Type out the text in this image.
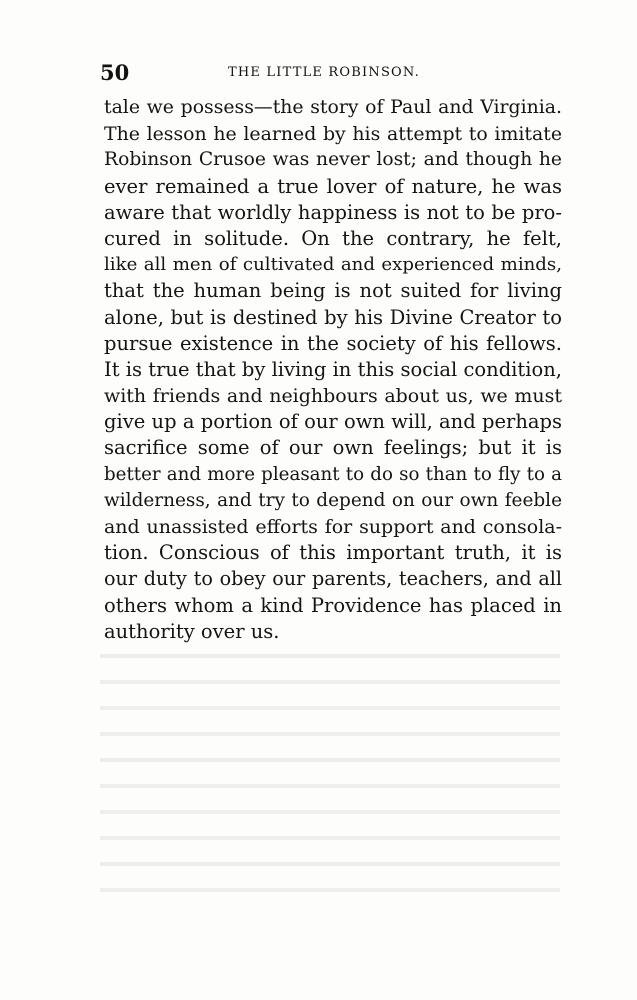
50	THE LITTLE ROBINSON.
tale we possess—the story of Paul and Virginia.
The lesson he learned by his attempt to imitate
Robinson Crusoe was never lost; and though he
ever remained a true lover of nature, he was
aware that worldly happiness is not to be pro-
cured in solitude. On the contrary, he felt,
like all men of cultivated and experienced minds,
that the human being is not suited for living
alone, but is destined by his Divine Creator to
pursue existence in the society of his fellows.
It is true that by living in this social condition,
with friends and neighbours about us, we must
give up a portion of our own will, and perhaps
sacrifice some of our own feelings; but it is
better and more pleasant to do so than to fly to a
wilderness, and try to depend on our own feeble
and unassisted efforts for support and consola-
tion. Conscious of this important truth, it is
our duty to obey our parents, teachers, and all
others whom a kind Providence has placed in
authority over us.
